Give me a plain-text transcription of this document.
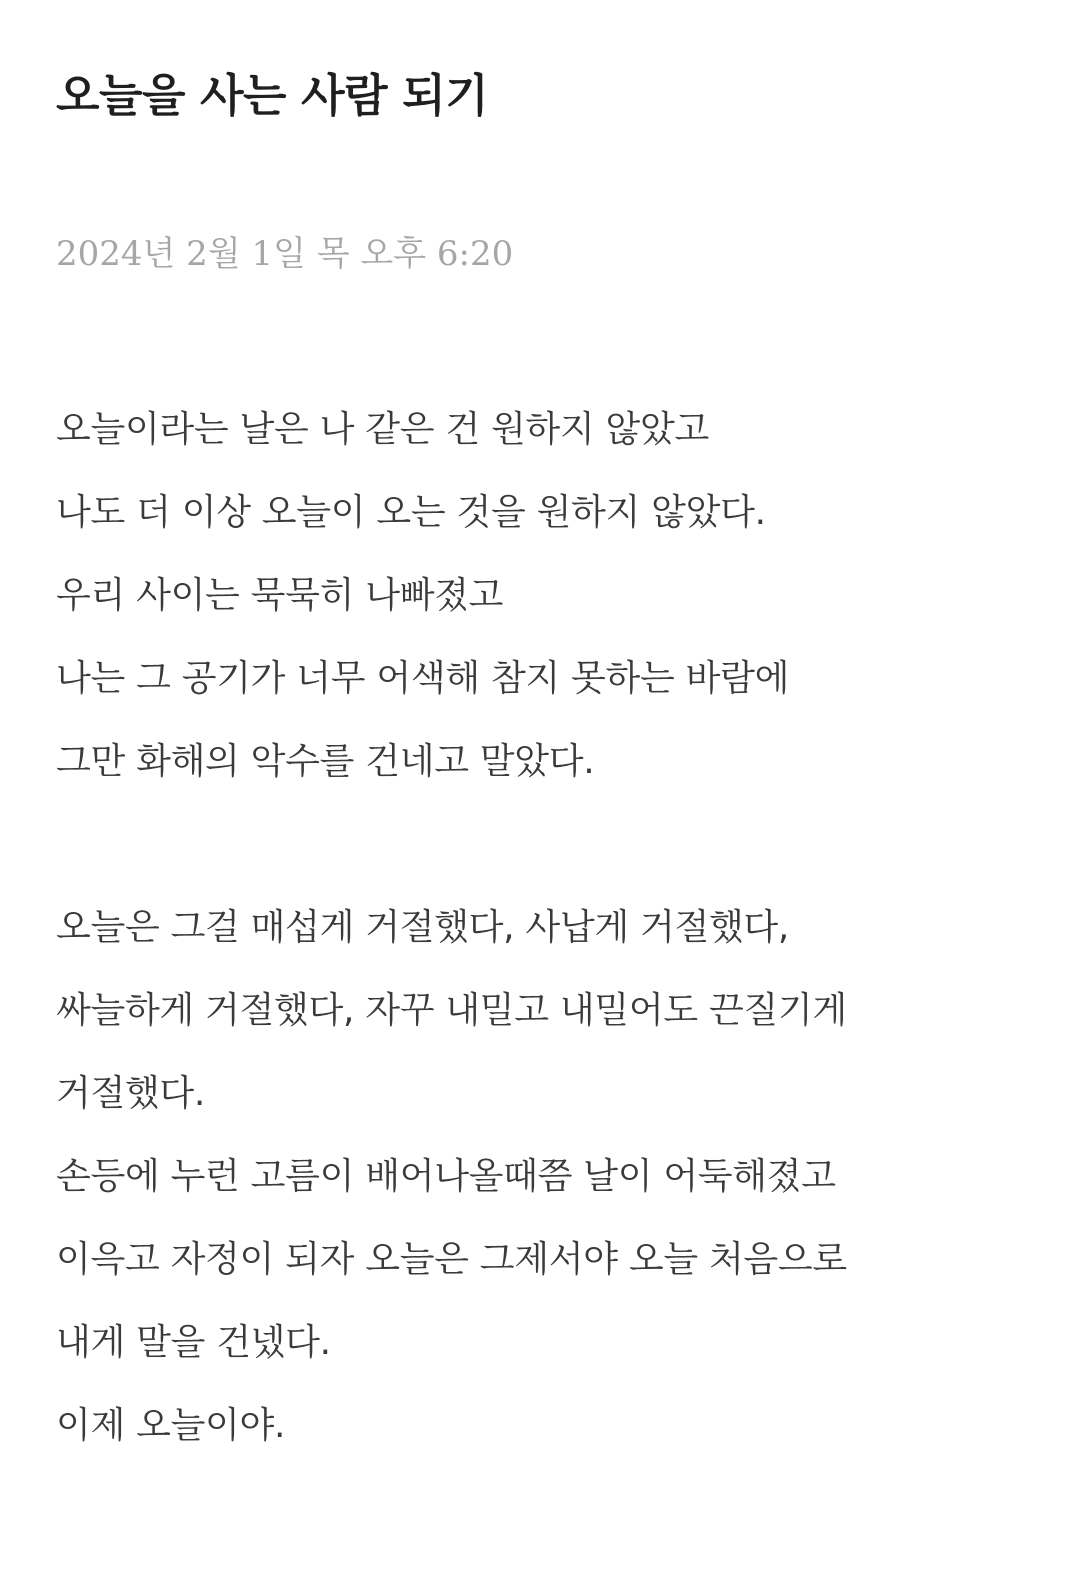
오늘을 사는 사람 되기
2024년 2월 1일 목 오후 6:20

오늘이라는 날은 나 같은 건 원하지 않았고
나도 더 이상 오늘이 오는 것을 원하지 않았다.
우리 사이는 묵묵히 나빠졌고
나는 그 공기가 너무 어색해 참지 못하는 바람에
그만 화해의 악수를 건네고 말았다.

오늘은 그걸 매섭게 거절했다, 사납게 거절했다,
싸늘하게 거절했다, 자꾸 내밀고 내밀어도 끈질기게
거절했다.
손등에 누런 고름이 배어나올때쯤 날이 어둑해졌고
이윽고 자정이 되자 오늘은 그제서야 오늘 처음으로
내게 말을 건넸다.
이제 오늘이야.
